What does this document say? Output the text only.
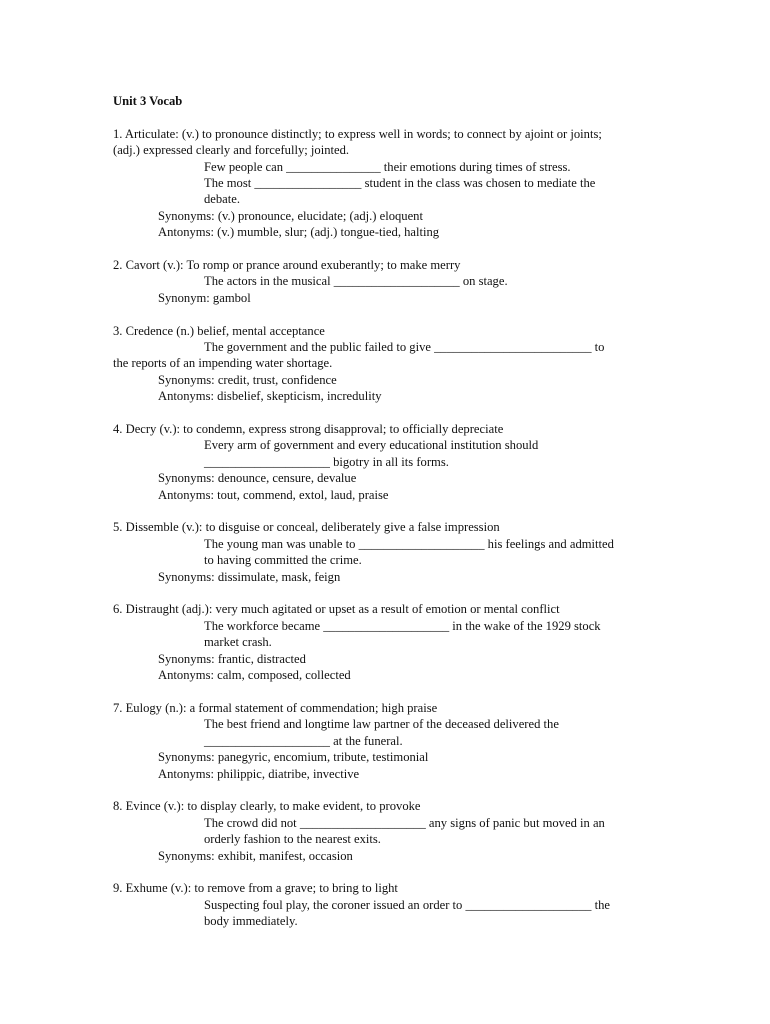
Unit 3 Vocab
1. Articulate: (v.) to pronounce distinctly; to express well in words; to connect by ajoint or joints;
(adj.) expressed clearly and forcefully; jointed.
Few people can _______________ their emotions during times of stress.
The most _________________ student in the class was chosen to mediate the
debate.
Synonyms: (v.) pronounce, elucidate; (adj.) eloquent
Antonyms: (v.) mumble, slur; (adj.) tongue-tied, halting
2. Cavort (v.): To romp or prance around exuberantly; to make merry
The actors in the musical ____________________ on stage.
Synonym: gambol
3. Credence (n.) belief, mental acceptance
The government and the public failed to give _________________________ to
the reports of an impending water shortage.
Synonyms: credit, trust, confidence
Antonyms: disbelief, skepticism, incredulity
4. Decry (v.): to condemn, express strong disapproval; to officially depreciate
Every arm of government and every educational institution should
____________________ bigotry in all its forms.
Synonyms: denounce, censure, devalue
Antonyms: tout, commend, extol, laud, praise
5. Dissemble (v.): to disguise or conceal, deliberately give a false impression
The young man was unable to ____________________ his feelings and admitted
to having committed the crime.
Synonyms: dissimulate, mask, feign
6. Distraught (adj.): very much agitated or upset as a result of emotion or mental conflict
The workforce became ____________________ in the wake of the 1929 stock
market crash.
Synonyms: frantic, distracted
Antonyms: calm, composed, collected
7. Eulogy (n.): a formal statement of commendation; high praise
The best friend and longtime law partner of the deceased delivered the
____________________ at the funeral.
Synonyms: panegyric, encomium, tribute, testimonial
Antonyms: philippic, diatribe, invective
8. Evince (v.): to display clearly, to make evident, to provoke
The crowd did not ____________________ any signs of panic but moved in an
orderly fashion to the nearest exits.
Synonyms: exhibit, manifest, occasion
9. Exhume (v.): to remove from a grave; to bring to light
Suspecting foul play, the coroner issued an order to ____________________ the
body immediately.
